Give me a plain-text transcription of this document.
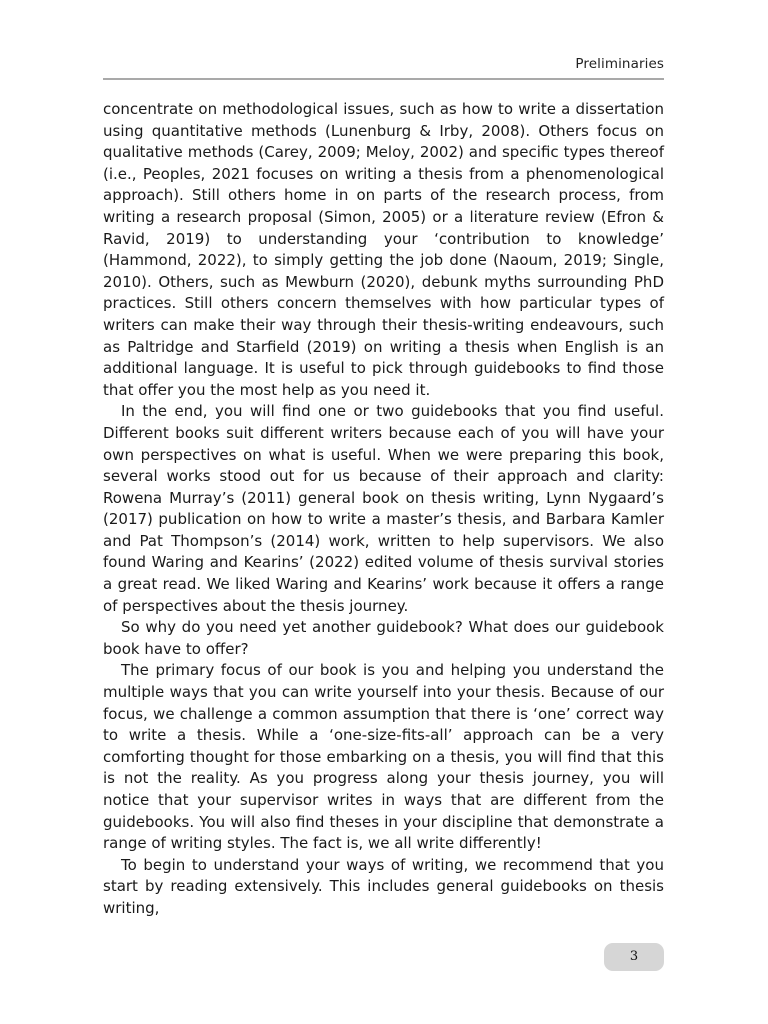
Preliminaries

concentrate on methodological issues, such as how to write a dissertation using quantitative methods (Lunenburg & Irby, 2008). Others focus on qualitative methods (Carey, 2009; Meloy, 2002) and specific types thereof (i.e., Peoples, 2021 focuses on writing a thesis from a phenomenological approach). Still others home in on parts of the research process, from writing a research proposal (Simon, 2005) or a literature review (Efron & Ravid, 2019) to understanding your ‘contribution to knowledge’ (Hammond, 2022), to simply getting the job done (Naoum, 2019; Single, 2010). Others, such as Mewburn (2020), debunk myths surrounding PhD practices. Still others concern themselves with how particular types of writers can make their way through their thesis-writing endeavours, such as Paltridge and Starfield (2019) on writing a thesis when English is an additional language. It is useful to pick through guidebooks to find those that offer you the most help as you need it.

In the end, you will find one or two guidebooks that you find useful. Different books suit different writers because each of you will have your own perspectives on what is useful. When we were preparing this book, several works stood out for us because of their approach and clarity: Rowena Murray’s (2011) general book on thesis writing, Lynn Nygaard’s (2017) publication on how to write a master’s thesis, and Barbara Kamler and Pat Thompson’s (2014) work, written to help supervisors. We also found Waring and Kearins’ (2022) edited volume of thesis survival stories a great read. We liked Waring and Kearins’ work because it offers a range of perspectives about the thesis journey.

So why do you need yet another guidebook? What does our guidebook book have to offer?

The primary focus of our book is you and helping you understand the multiple ways that you can write yourself into your thesis. Because of our focus, we challenge a common assumption that there is ‘one’ correct way to write a thesis. While a ‘one-size-fits-all’ approach can be a very comforting thought for those embarking on a thesis, you will find that this is not the reality. As you progress along your thesis journey, you will notice that your supervisor writes in ways that are different from the guidebooks. You will also find theses in your discipline that demonstrate a range of writing styles. The fact is, we all write differently!

To begin to understand your ways of writing, we recommend that you start by reading extensively. This includes general guidebooks on thesis writing,

3
